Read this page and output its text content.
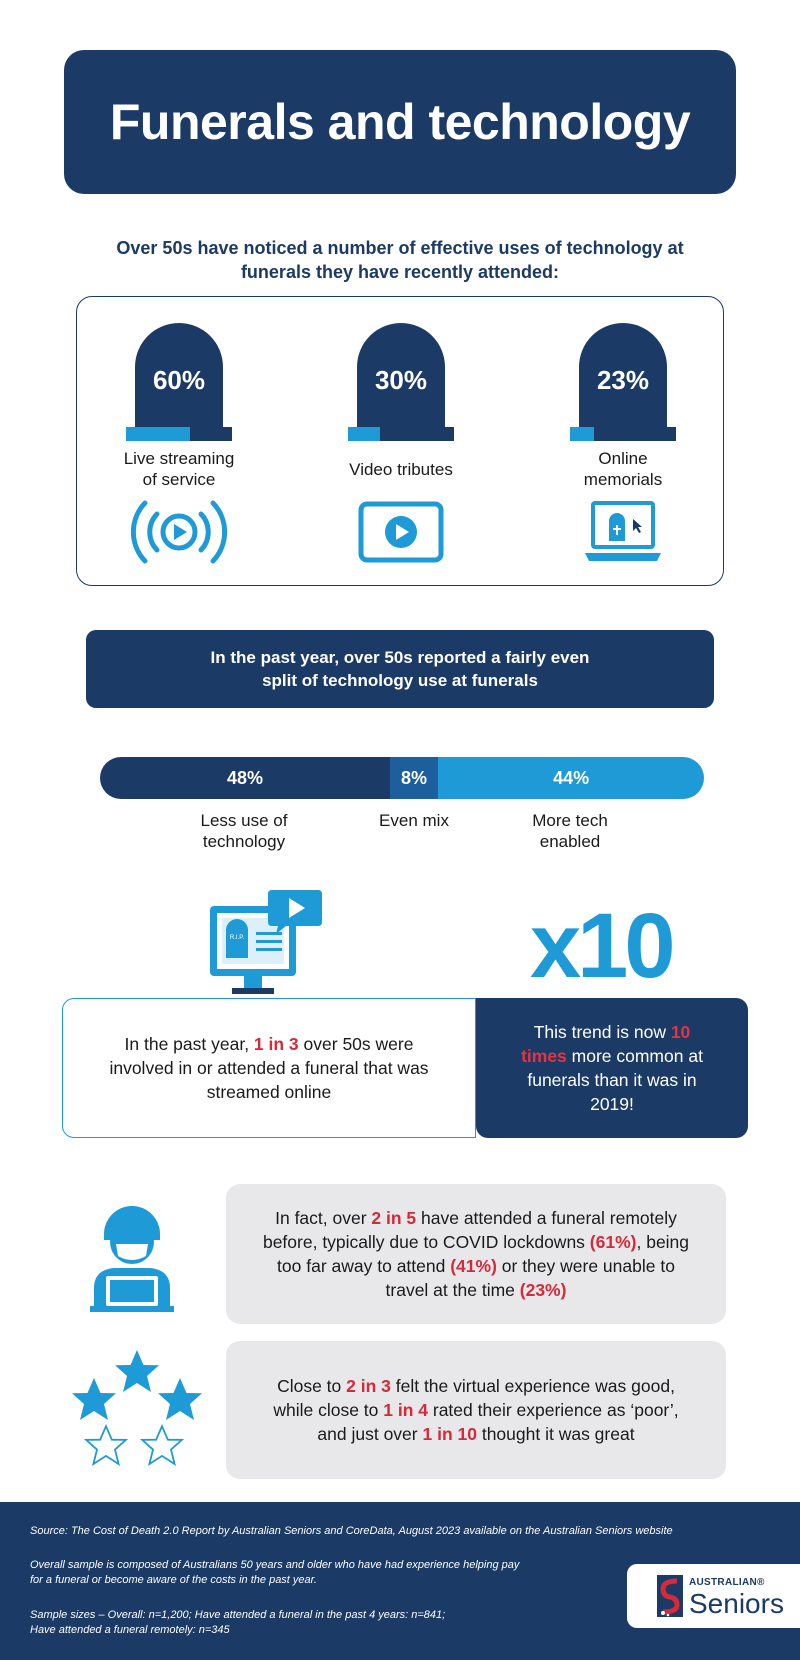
Funerals and technology
Over 50s have noticed a number of effective uses of technology at funerals they have recently attended:
60%
Live streaming
of service
30%
Video tributes

23%
Online
memorials
In the past year, over 50s reported a fairly even
split of technology use at funerals
48%	8%	44%
Less use of
technology
Even mix	More tech
enabled
R.I.P.	x10

In the past year, 1 in 3 over 50s were involved in or attended a funeral that was streamed online

This trend is now 10 times more common at funerals than it was in 2019!

In fact, over 2 in 5 have attended a funeral remotely before, typically due to COVID lockdowns (61%), being too far away to attend (41%) or they were unable to travel at the time (23%)

Close to 2 in 3 felt the virtual experience was good, while close to 1 in 4 rated their experience as ‘poor’, and just over 1 in 10 thought it was great

Source: The Cost of Death 2.0 Report by Australian Seniors and CoreData, August 2023 available on the Australian Seniors website
Overall sample is composed of Australians 50 years and older who have had experience helping pay
for a funeral or become aware of the costs in the past year.
Sample sizes – Overall: n=1,200; Have attended a funeral in the past 4 years: n=841;
Have attended a funeral remotely: n=345
AUSTRALIAN®
Seniors
